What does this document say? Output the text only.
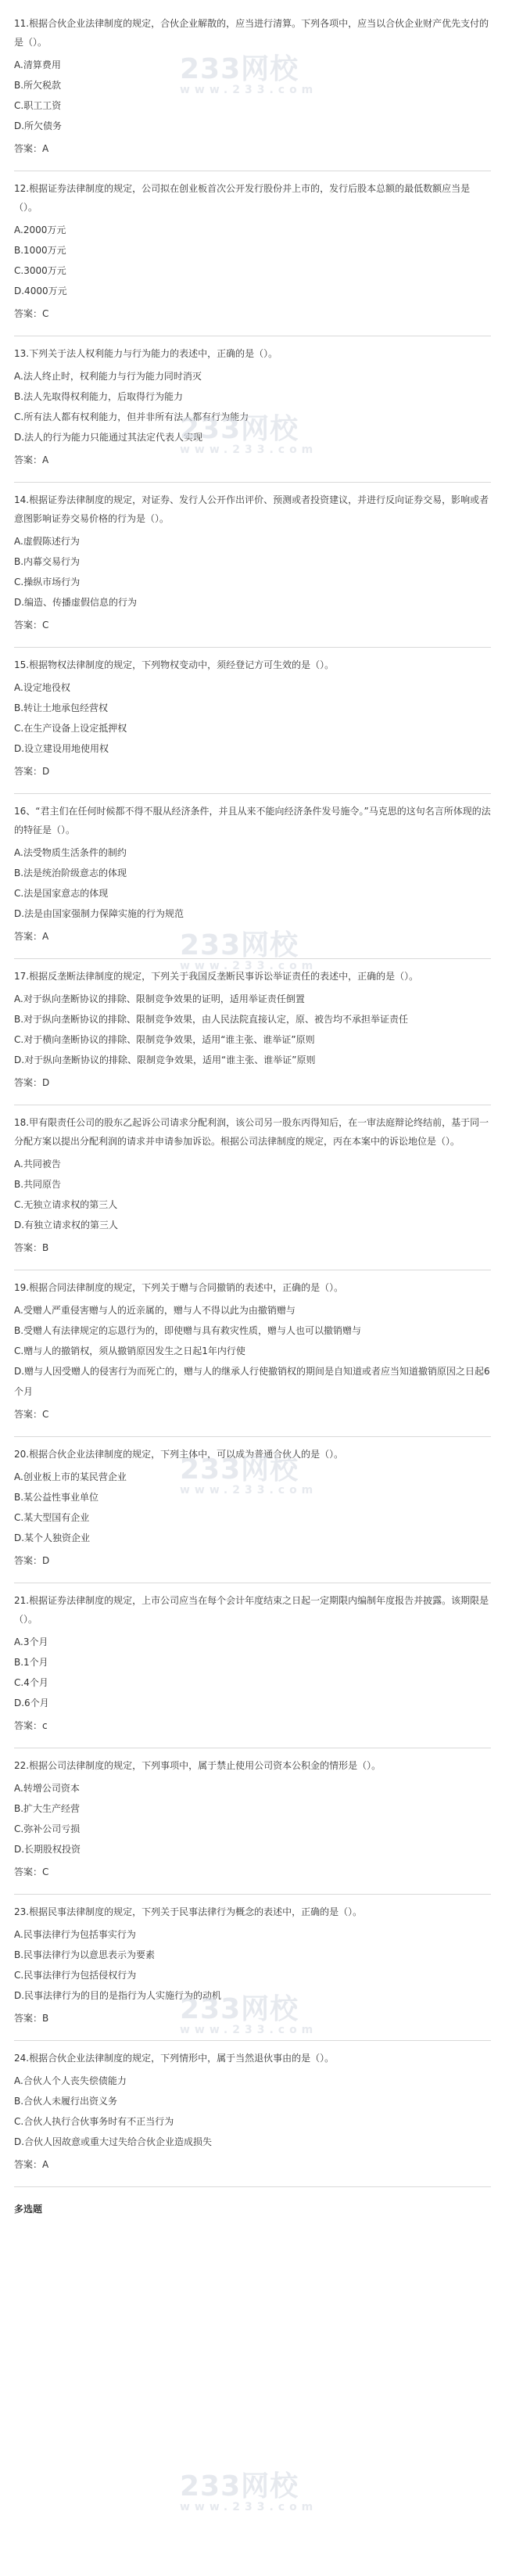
11.根据合伙企业法律制度的规定，合伙企业解散的，应当进行清算。下列各项中，应当以合伙企业财产优先支付的是（）。
A.清算费用
B.所欠税款
C.职工工资
D.所欠债务
答案：A
12.根据证券法律制度的规定，公司拟在创业板首次公开发行股份并上市的，发行后股本总额的最低数额应当是（）。
A.2000万元
B.1000万元
C.3000万元
D.4000万元
答案：C
13.下列关于法人权利能力与行为能力的表述中，正确的是（）。
A.法人终止时，权利能力与行为能力同时消灭
B.法人先取得权利能力，后取得行为能力
C.所有法人都有权利能力，但并非所有法人都有行为能力
D.法人的行为能力只能通过其法定代表人实现
答案：A
14.根据证券法律制度的规定，对证券、发行人公开作出评价、预测或者投资建议，并进行反向证券交易，影响或者意图影响证券交易价格的行为是（）。
A.虚假陈述行为
B.内幕交易行为
C.操纵市场行为
D.编造、传播虚假信息的行为
答案：C
15.根据物权法律制度的规定，下列物权变动中，须经登记方可生效的是（）。
A.设定地役权
B.转让土地承包经营权
C.在生产设备上设定抵押权
D.设立建设用地使用权
答案：D
16、“君主们在任何时候都不得不服从经济条件，并且从来不能向经济条件发号施令。”马克思的这句名言所体现的法的特征是（）。
A.法受物质生活条件的制约
B.法是统治阶级意志的体现
C.法是国家意志的体现
D.法是由国家强制力保障实施的行为规范
答案：A
17.根据反垄断法律制度的规定，下列关于我国反垄断民事诉讼举证责任的表述中，正确的是（）。
A.对于纵向垄断协议的排除、限制竞争效果的证明，适用举证责任倒置
B.对于纵向垄断协议的排除、限制竞争效果，由人民法院直接认定，原、被告均不承担举证责任
C.对于横向垄断协议的排除、限制竞争效果，适用“谁主张、谁举证”原则
D.对于纵向垄断协议的排除、限制竞争效果，适用“谁主张、谁举证”原则
答案：D
18.甲有限责任公司的股东乙起诉公司请求分配利润，该公司另一股东丙得知后，在一审法庭辩论终结前，基于同一分配方案以提出分配利润的请求并申请参加诉讼。根据公司法律制度的规定，丙在本案中的诉讼地位是（）。
A.共同被告
B.共同原告
C.无独立请求权的第三人
D.有独立请求权的第三人
答案：B
19.根据合同法律制度的规定，下列关于赠与合同撤销的表述中，正确的是（）。
A.受赠人严重侵害赠与人的近亲属的，赠与人不得以此为由撤销赠与
B.受赠人有法律规定的忘恩行为的，即使赠与具有救灾性质，赠与人也可以撤销赠与
C.赠与人的撤销权，须从撤销原因发生之日起1年内行使
D.赠与人因受赠人的侵害行为而死亡的，赠与人的继承人行使撤销权的期间是自知道或者应当知道撤销原因之日起6个月
答案：C
20.根据合伙企业法律制度的规定，下列主体中，可以成为普通合伙人的是（）。
A.创业板上市的某民营企业
B.某公益性事业单位
C.某大型国有企业
D.某个人独资企业
答案：D
21.根据证券法律制度的规定，上市公司应当在每个会计年度结束之日起一定期限内编制年度报告并披露。该期限是（）。
A.3个月
B.1个月
C.4个月
D.6个月
答案：c
22.根据公司法律制度的规定，下列事项中，属于禁止使用公司资本公积金的情形是（）。
A.转增公司资本
B.扩大生产经营
C.弥补公司亏损
D.长期股权投资
答案：C
23.根据民事法律制度的规定，下列关于民事法律行为概念的表述中，正确的是（）。
A.民事法律行为包括事实行为
B.民事法律行为以意思表示为要素
C.民事法律行为包括侵权行为
D.民事法律行为的目的是指行为人实施行为的动机
答案：B
24.根据合伙企业法律制度的规定，下列情形中，属于当然退伙事由的是（）。
A.合伙人个人丧失偿债能力
B.合伙人未履行出资义务
C.合伙人执行合伙事务时有不正当行为
D.合伙人因故意或重大过失给合伙企业造成损失
答案：A
多选题
233网校
www.233.com
233网校
www.233.com
233网校
www.233.com
233网校
www.233.com
233网校
www.233.com
233网校
www.233.com
